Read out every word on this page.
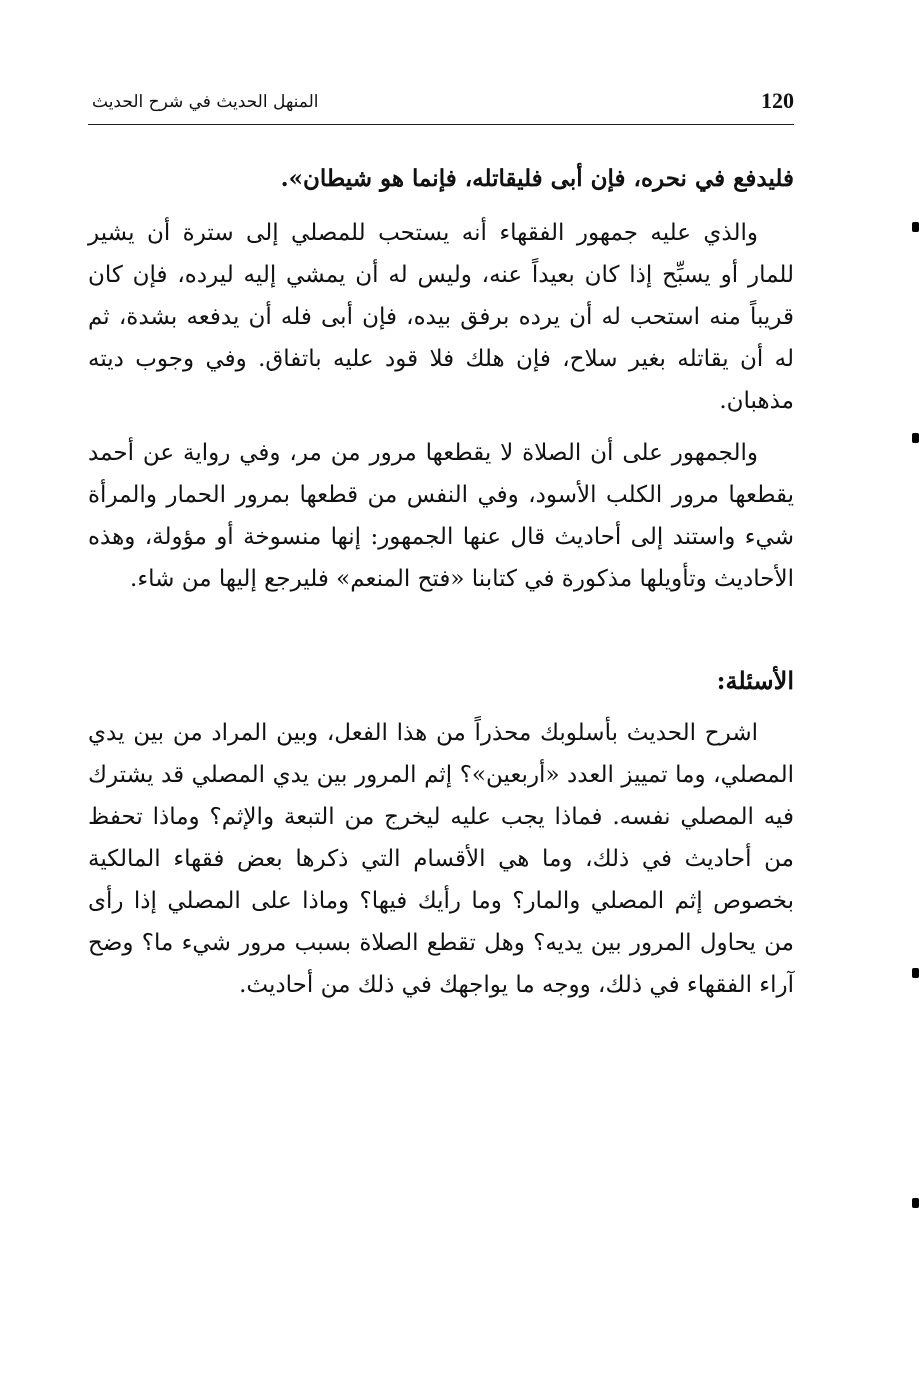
120
المنهل الحديث في شرح الحديث
فليدفع في نحره، فإن أبى فليقاتله، فإنما هو شيطان».

والذي عليه جمهور الفقهاء أنه يستحب للمصلي إلى سترة أن يشير للمار أو يسبِّح إذا كان بعيداً عنه، وليس له أن يمشي إليه ليرده، فإن كان قريباً منه استحب له أن يرده برفق بيده، فإن أبى فله أن يدفعه بشدة، ثم له أن يقاتله بغير سلاح، فإن هلك فلا قود عليه باتفاق. وفي وجوب ديته مذهبان.

والجمهور على أن الصلاة لا يقطعها مرور من مر، وفي رواية عن أحمد يقطعها مرور الكلب الأسود، وفي النفس من قطعها بمرور الحمار والمرأة شيء واستند إلى أحاديث قال عنها الجمهور: إنها منسوخة أو مؤولة، وهذه الأحاديث وتأويلها مذكورة في كتابنا «فتح المنعم» فليرجع إليها من شاء.

الأسئلة:

اشرح الحديث بأسلوبك محذراً من هذا الفعل، وبين المراد من بين يدي المصلي، وما تمييز العدد «أربعين»؟ إثم المرور بين يدي المصلي قد يشترك فيه المصلي نفسه. فماذا يجب عليه ليخرج من التبعة والإثم؟ وماذا تحفظ من أحاديث في ذلك، وما هي الأقسام التي ذكرها بعض فقهاء المالكية بخصوص إثم المصلي والمار؟ وما رأيك فيها؟ وماذا على المصلي إذا رأى من يحاول المرور بين يديه؟ وهل تقطع الصلاة بسبب مرور شيء ما؟ وضح آراء الفقهاء في ذلك، ووجه ما يواجهك في ذلك من أحاديث.
